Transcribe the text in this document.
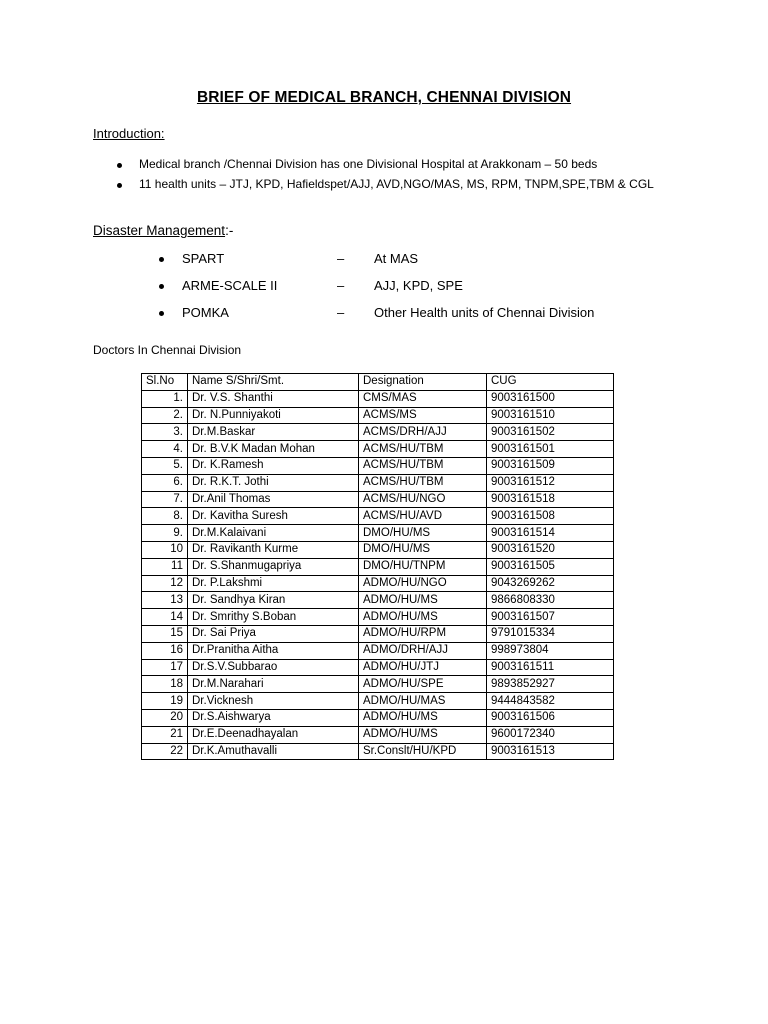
BRIEF OF MEDICAL BRANCH, CHENNAI DIVISION
Introduction:
Medical branch /Chennai Division has one Divisional Hospital at Arakkonam – 50 beds
11 health units – JTJ, KPD, Hafieldspet/AJJ, AVD,NGO/MAS, MS, RPM, TNPM,SPE,TBM & CGL
Disaster Management:-
SPART	– At MAS
ARME-SCALE II	– AJJ, KPD, SPE
POMKA	– Other Health units of Chennai Division
Doctors In Chennai Division
Sl.No	Name S/Shri/Smt.	Designation	CUG
1.	Dr. V.S. Shanthi	CMS/MAS	9003161500
2.	Dr. N.Punniyakoti	ACMS/MS	9003161510
3.	Dr.M.Baskar	ACMS/DRH/AJJ	9003161502
4.	Dr. B.V.K Madan Mohan	ACMS/HU/TBM	9003161501
5.	Dr. K.Ramesh	ACMS/HU/TBM	9003161509
6.	Dr. R.K.T. Jothi	ACMS/HU/TBM	9003161512
7.	Dr.Anil Thomas	ACMS/HU/NGO	9003161518
8.	Dr. Kavitha Suresh	ACMS/HU/AVD	9003161508
9.	Dr.M.Kalaivani	DMO/HU/MS	9003161514
10	Dr. Ravikanth Kurme	DMO/HU/MS	9003161520
11	Dr. S.Shanmugapriya	DMO/HU/TNPM	9003161505
12	Dr. P.Lakshmi	ADMO/HU/NGO	9043269262
13	Dr. Sandhya Kiran	ADMO/HU/MS	9866808330
14	Dr. Smrithy S.Boban	ADMO/HU/MS	9003161507
15	Dr. Sai Priya	ADMO/HU/RPM	9791015334
16	Dr.Pranitha Aitha	ADMO/DRH/AJJ	998973804
17	Dr.S.V.Subbarao	ADMO/HU/JTJ	9003161511
18	Dr.M.Narahari	ADMO/HU/SPE	9893852927
19	Dr.Vicknesh	ADMO/HU/MAS	9444843582
20	Dr.S.Aishwarya	ADMO/HU/MS	9003161506
21	Dr.E.Deenadhayalan	ADMO/HU/MS	9600172340
22	Dr.K.Amuthavalli	Sr.Conslt/HU/KPD	9003161513
